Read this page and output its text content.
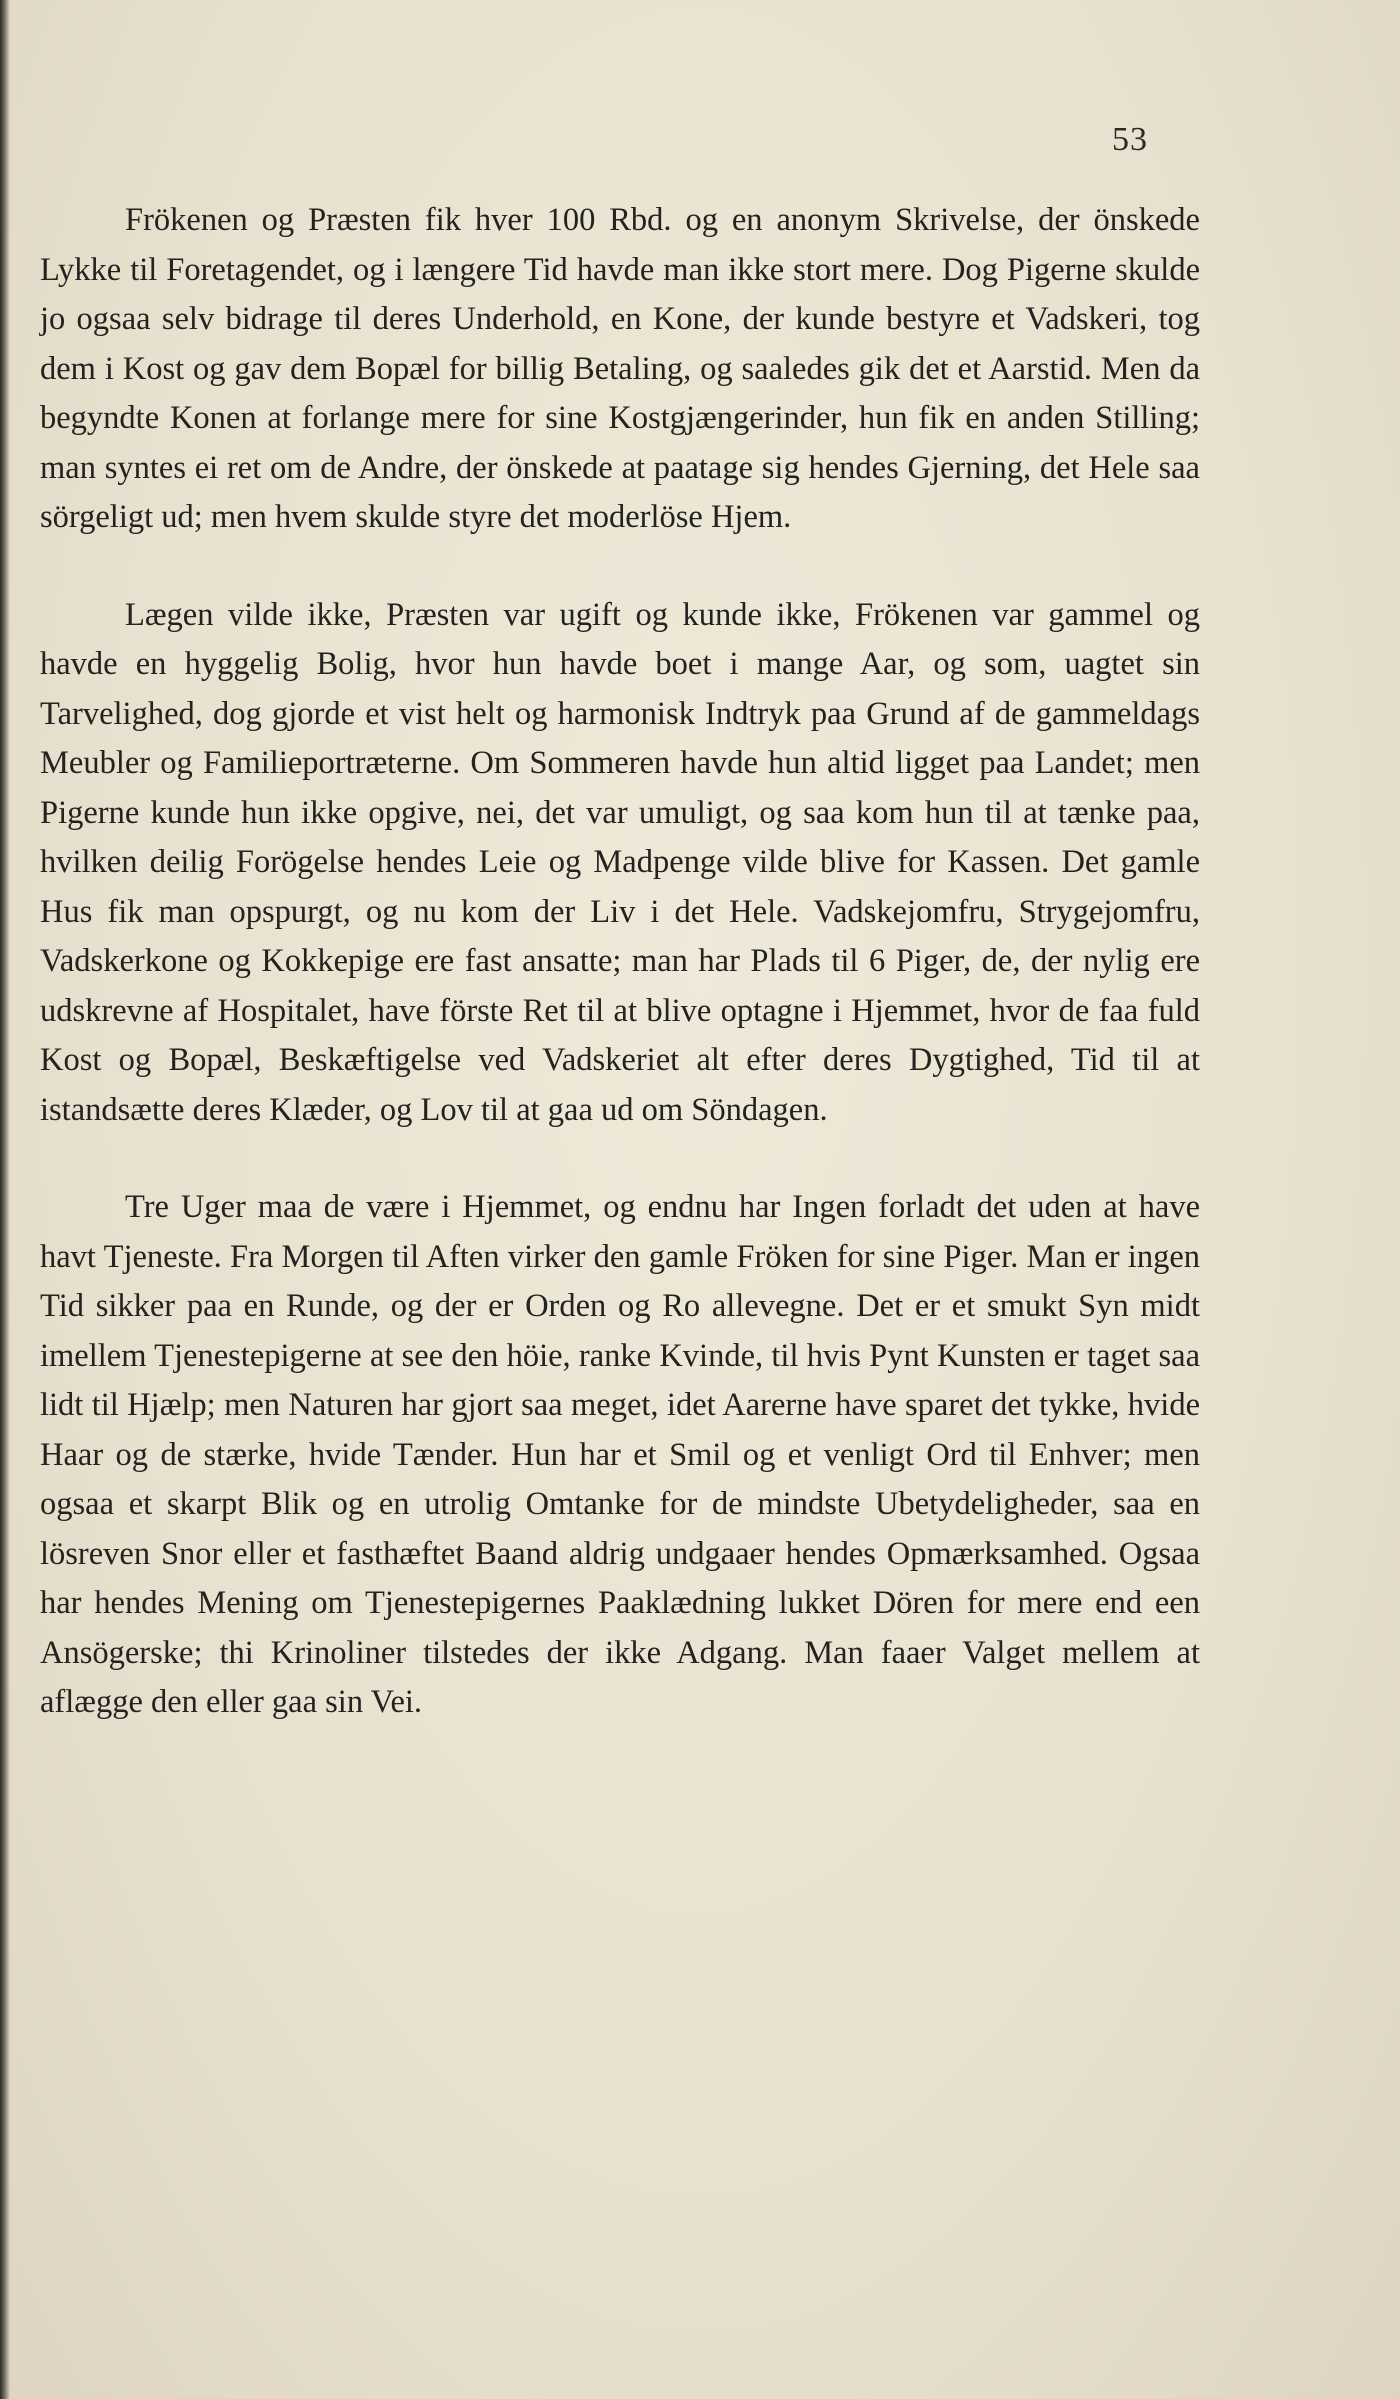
53

Frökenen og Præsten fik hver 100 Rbd. og en anonym Skrivelse, der önskede Lykke til Foretagendet, og i længere Tid havde man ikke stort mere. Dog Pigerne skulde jo ogsaa selv bidrage til deres Underhold, en Kone, der kunde bestyre et Vadskeri, tog dem i Kost og gav dem Bopæl for billig Betaling, og saaledes gik det et Aarstid. Men da begyndte Konen at forlange mere for sine Kostgjængerinder, hun fik en anden Stilling; man syntes ei ret om de Andre, der önskede at paatage sig hendes Gjerning, det Hele saa sörgeligt ud; men hvem skulde styre det moderlöse Hjem.

Lægen vilde ikke, Præsten var ugift og kunde ikke, Frökenen var gammel og havde en hyggelig Bolig, hvor hun havde boet i mange Aar, og som, uagtet sin Tarvelighed, dog gjorde et vist helt og harmonisk Indtryk paa Grund af de gammeldags Meubler og Familieportræterne. Om Sommeren havde hun altid ligget paa Landet; men Pigerne kunde hun ikke opgive, nei, det var umuligt, og saa kom hun til at tænke paa, hvilken deilig Forögelse hendes Leie og Madpenge vilde blive for Kassen. Det gamle Hus fik man opspurgt, og nu kom der Liv i det Hele. Vadskejomfru, Strygejomfru, Vadskerkone og Kokkepige ere fast ansatte; man har Plads til 6 Piger, de, der nylig ere udskrevne af Hospitalet, have förste Ret til at blive optagne i Hjemmet, hvor de faa fuld Kost og Bopæl, Beskæftigelse ved Vadskeriet alt efter deres Dygtighed, Tid til at istandsætte deres Klæder, og Lov til at gaa ud om Söndagen.

Tre Uger maa de være i Hjemmet, og endnu har Ingen forladt det uden at have havt Tjeneste. Fra Morgen til Aften virker den gamle Fröken for sine Piger. Man er ingen Tid sikker paa en Runde, og der er Orden og Ro allevegne. Det er et smukt Syn midt imellem Tjenestepigerne at see den höie, ranke Kvinde, til hvis Pynt Kunsten er taget saa lidt til Hjælp; men Naturen har gjort saa meget, idet Aarerne have sparet det tykke, hvide Haar og de stærke, hvide Tænder. Hun har et Smil og et venligt Ord til Enhver; men ogsaa et skarpt Blik og en utrolig Omtanke for de mindste Ubetydeligheder, saa en lösreven Snor eller et fasthæftet Baand aldrig undgaaer hendes Opmærksamhed. Ogsaa har hendes Mening om Tjenestepigernes Paaklædning lukket Dören for mere end een Ansögerske; thi Krinoliner tilstedes der ikke Adgang. Man faaer Valget mellem at aflægge den eller gaa sin Vei.
